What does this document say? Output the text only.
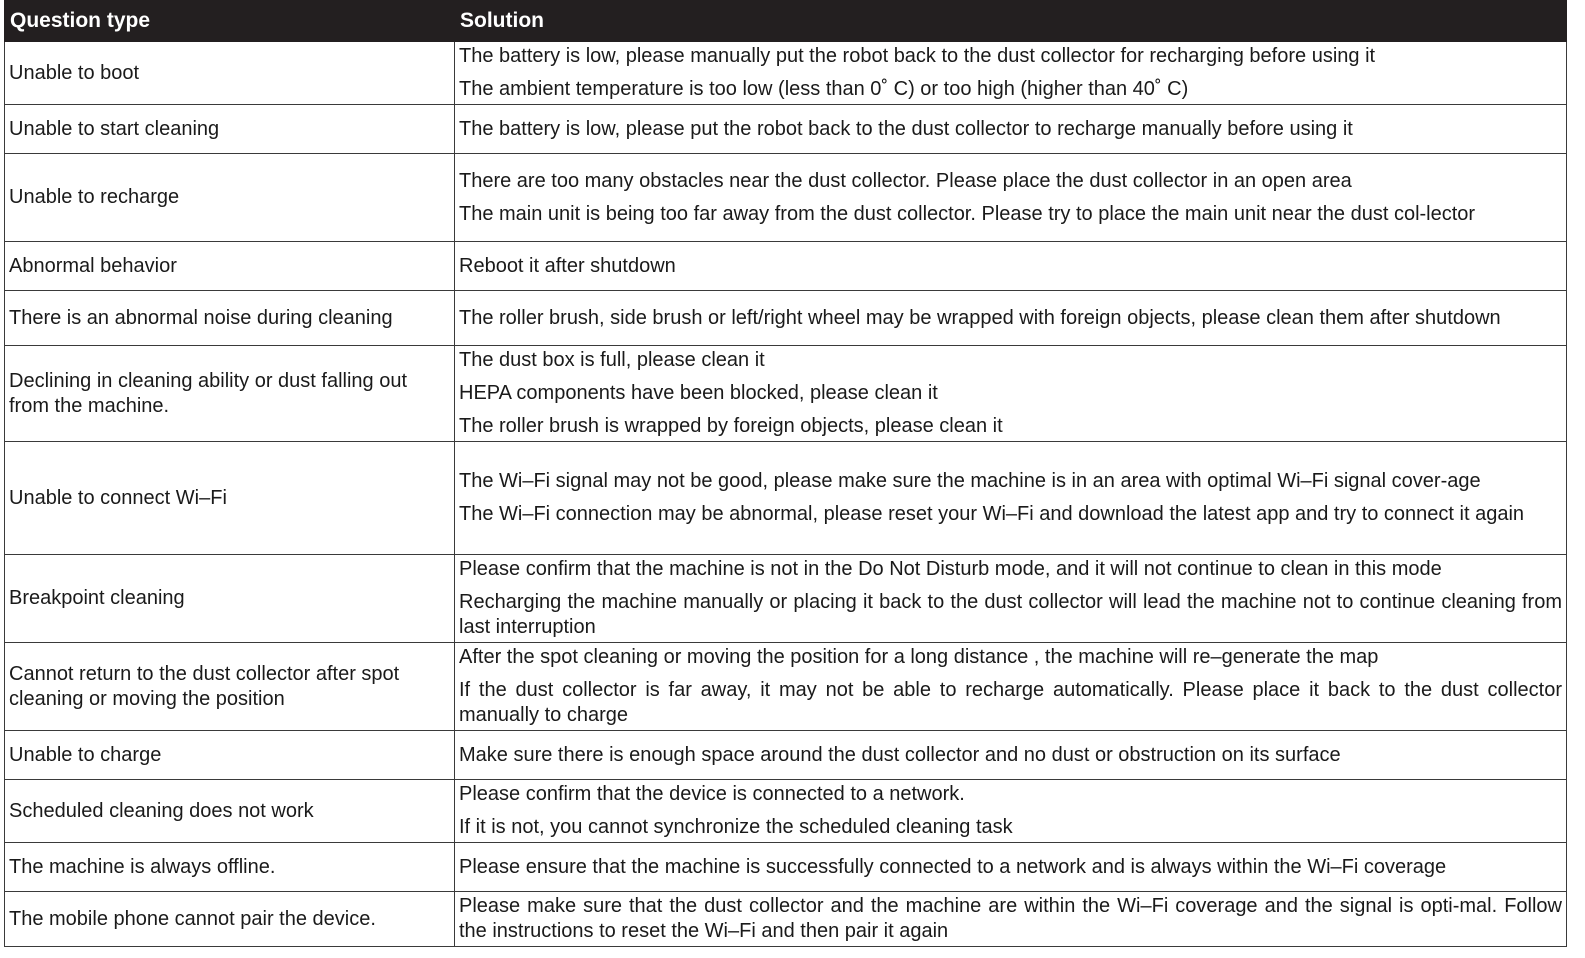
Question type	Solution
Unable to boot	The battery is low, please manually put the robot back to the dust collector for recharging before using it
The ambient temperature is too low (less than 0˚ C) or too high (higher than 40˚ C)

Unable to start cleaning	The battery is low, please put the robot back to the dust collector to recharge manually before using it

Unable to recharge	There are too many obstacles near the dust collector. Please place the dust collector in an open area
The main unit is being too far away from the dust collector. Please try to place the main unit near the dust col-lector

Abnormal behavior	Reboot it after shutdown

There is an abnormal noise during cleaning	The roller brush, side brush or left/right wheel may be wrapped with foreign objects, please clean them after shutdown

Declining in cleaning ability or dust falling out from the machine.	The dust box is full, please clean it
HEPA components have been blocked, please clean it
The roller brush is wrapped by foreign objects, please clean it

Unable to connect Wi–Fi	The Wi–Fi signal may not be good, please make sure the machine is in an area with optimal Wi–Fi signal cover-age
The Wi–Fi connection may be abnormal, please reset your Wi–Fi and download the latest app and try to connect it again

Breakpoint cleaning	Please confirm that the machine is not in the Do Not Disturb mode, and it will not continue to clean in this mode
Recharging the machine manually or placing it back to the dust collector will lead the machine not to continue cleaning from last interruption

Cannot return to the dust collector after spot cleaning or moving the position	After the spot cleaning or moving the position for a long distance , the machine will re–generate the map
If the dust collector is far away, it may not be able to recharge automatically. Please place it back to the dust collector manually to charge

Unable to charge	Make sure there is enough space around the dust collector and no dust or obstruction on its surface

Scheduled cleaning does not work	Please confirm that the device is connected to a network.
If it is not, you cannot synchronize the scheduled cleaning task

The machine is always offline.	Please ensure that the machine is successfully connected to a network and is always within the Wi–Fi coverage

The mobile phone cannot pair the device.	Please make sure that the dust collector and the machine are within the Wi–Fi coverage and the signal is opti-mal. Follow the instructions to reset the Wi–Fi and then pair it again
